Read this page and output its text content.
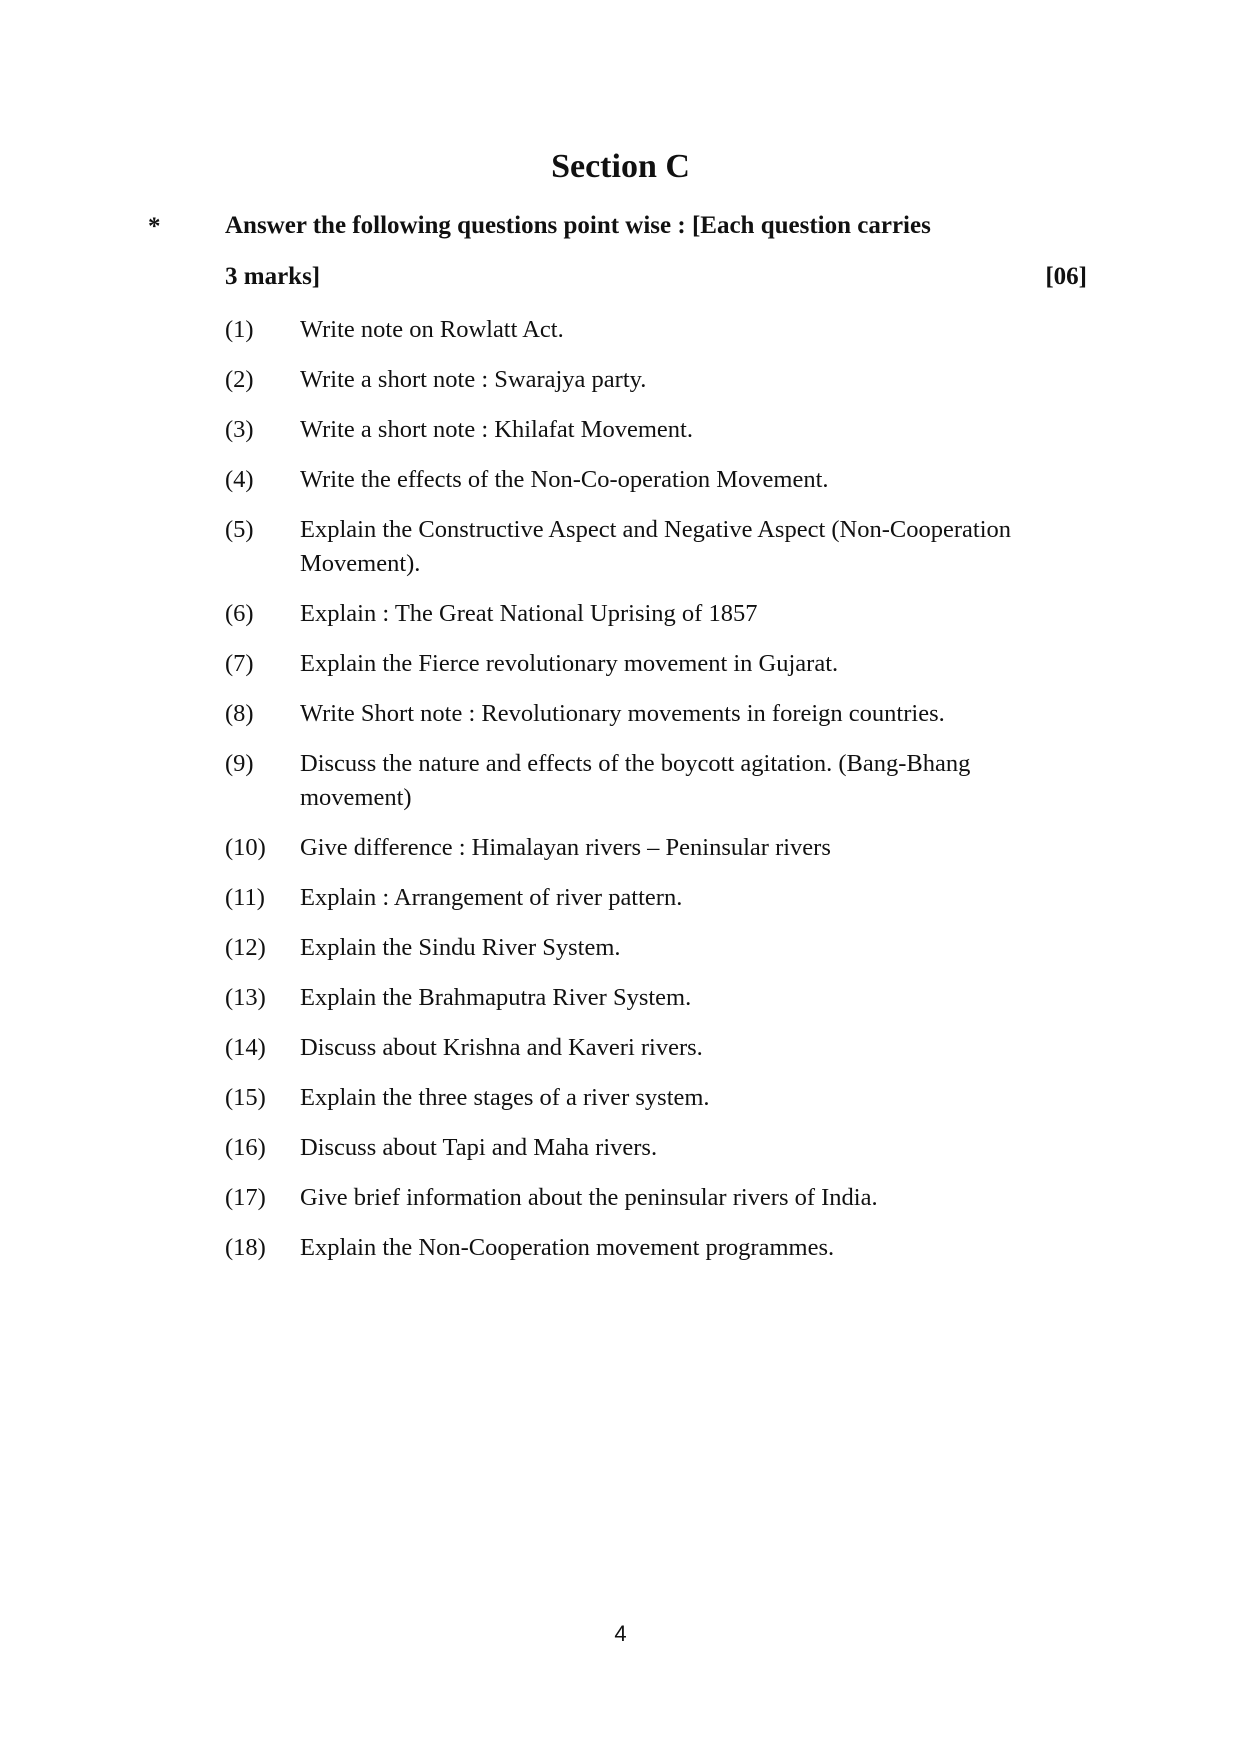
Section C
*	Answer the following questions point wise : [Each question carries
3 marks]	[06]
(1)	Write note on Rowlatt Act.
(2)	Write a short note : Swarajya party.
(3)	Write a short note : Khilafat Movement.
(4)	Write the effects of the Non-Co-operation Movement.
(5)	Explain the Constructive Aspect and Negative Aspect (Non-Cooperation Movement).
(6)	Explain : The Great National Uprising of 1857
(7)	Explain the Fierce revolutionary movement in Gujarat.
(8)	Write Short note : Revolutionary movements in foreign countries.
(9)	Discuss the nature and effects of the boycott agitation. (Bang-Bhang movement)
(10)	Give difference : Himalayan rivers – Peninsular rivers
(11)	Explain : Arrangement of river pattern.
(12)	Explain the Sindu River System.
(13)	Explain the Brahmaputra River System.
(14)	Discuss about Krishna and Kaveri rivers.
(15)	Explain the three stages of a river system.
(16)	Discuss about Tapi and Maha rivers.
(17)	Give brief information about the peninsular rivers of India.
(18)	Explain the Non-Cooperation movement programmes.
4
